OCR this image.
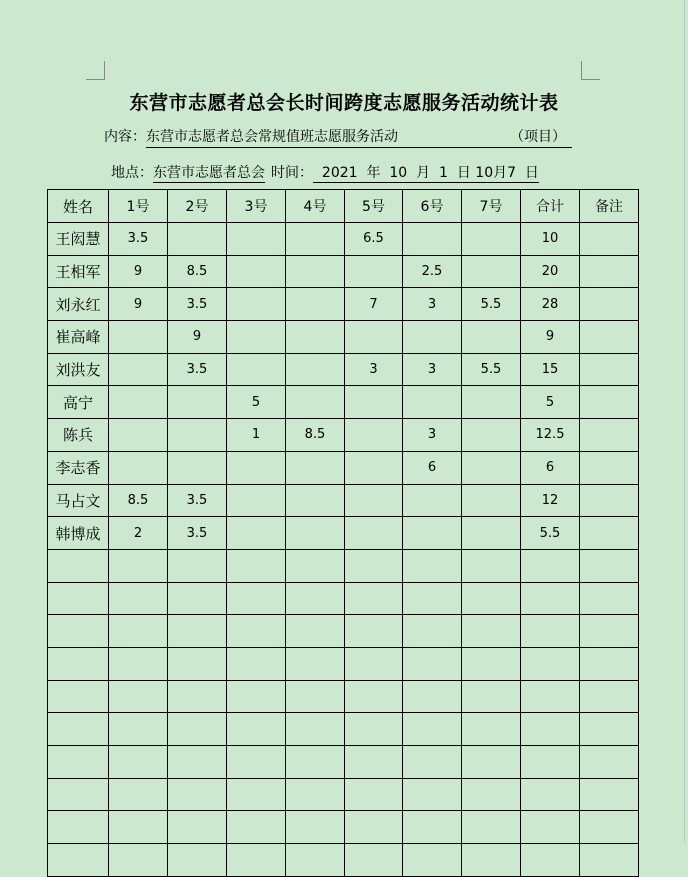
东营市志愿者总会长时间跨度志愿服务活动统计表
内容：东营市志愿者总会常规值班志愿服务活动	（项目）
地点：东营市志愿者总会 时间： 2021 年 10 月 1 日 10月7 日
姓名	1号	2号	3号	4号	5号	6号	7号	合计	备注
王闳慧	3.5				6.5			10	
王相军	9	8.5				2.5		20	
刘永红	9	3.5			7	3	5.5	28	
崔高峰		9						9	
刘洪友		3.5			3	3	5.5	15	
高宁			5					5	
陈兵			1	8.5		3		12.5	
李志香						6		6	
马占文	8.5	3.5						12	
韩博成	2	3.5						5.5	
